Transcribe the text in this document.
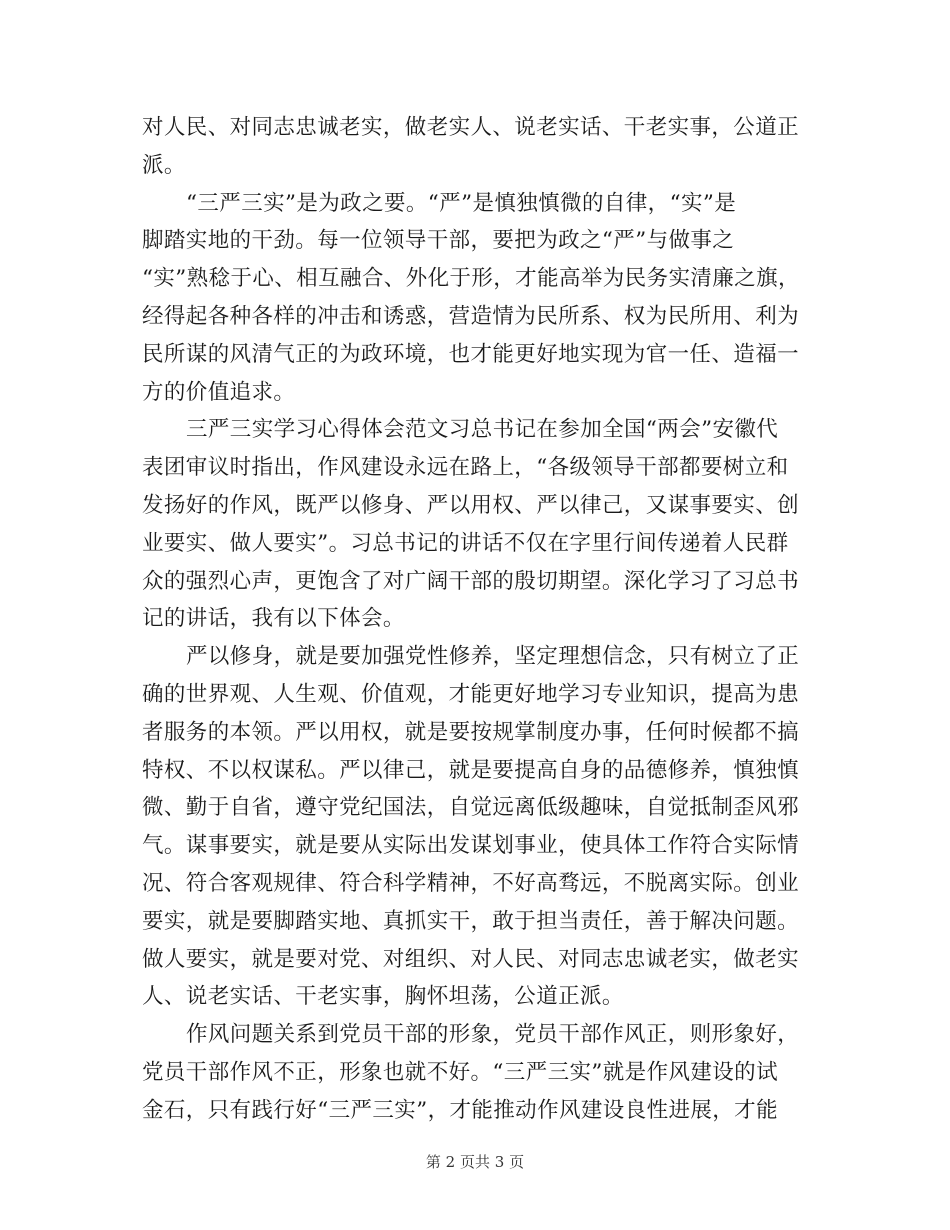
对人民、对同志忠诚老实，做老实人、说老实话、干老实事，公道正
派。
“三严三实”是为政之要。“严”是慎独慎微的自律，“实”是
脚踏实地的干劲。每一位领导干部，要把为政之“严”与做事之
“实”熟稔于心、相互融合、外化于形，才能高举为民务实清廉之旗，
经得起各种各样的冲击和诱惑，营造情为民所系、权为民所用、利为
民所谋的风清气正的为政环境，也才能更好地实现为官一任、造福一
方的价值追求。
三严三实学习心得体会范文习总书记在参加全国“两会”安徽代
表团审议时指出，作风建设永远在路上，“各级领导干部都要树立和
发扬好的作风，既严以修身、严以用权、严以律己，又谋事要实、创
业要实、做人要实”。习总书记的讲话不仅在字里行间传递着人民群
众的强烈心声，更饱含了对广阔干部的殷切期望。深化学习了习总书
记的讲话，我有以下体会。
严以修身，就是要加强党性修养，坚定理想信念，只有树立了正
确的世界观、人生观、价值观，才能更好地学习专业知识，提高为患
者服务的本领。严以用权，就是要按规掌制度办事，任何时候都不搞
特权、不以权谋私。严以律己，就是要提高自身的品德修养，慎独慎
微、勤于自省，遵守党纪国法，自觉远离低级趣味，自觉抵制歪风邪
气。谋事要实，就是要从实际出发谋划事业，使具体工作符合实际情
况、符合客观规律、符合科学精神，不好高骛远，不脱离实际。创业
要实，就是要脚踏实地、真抓实干，敢于担当责任，善于解决问题。
做人要实，就是要对党、对组织、对人民、对同志忠诚老实，做老实
人、说老实话、干老实事，胸怀坦荡，公道正派。
作风问题关系到党员干部的形象，党员干部作风正，则形象好，
党员干部作风不正，形象也就不好。“三严三实”就是作风建设的试
金石，只有践行好“三严三实”，才能推动作风建设良性进展，才能
第 2 页共 3 页
